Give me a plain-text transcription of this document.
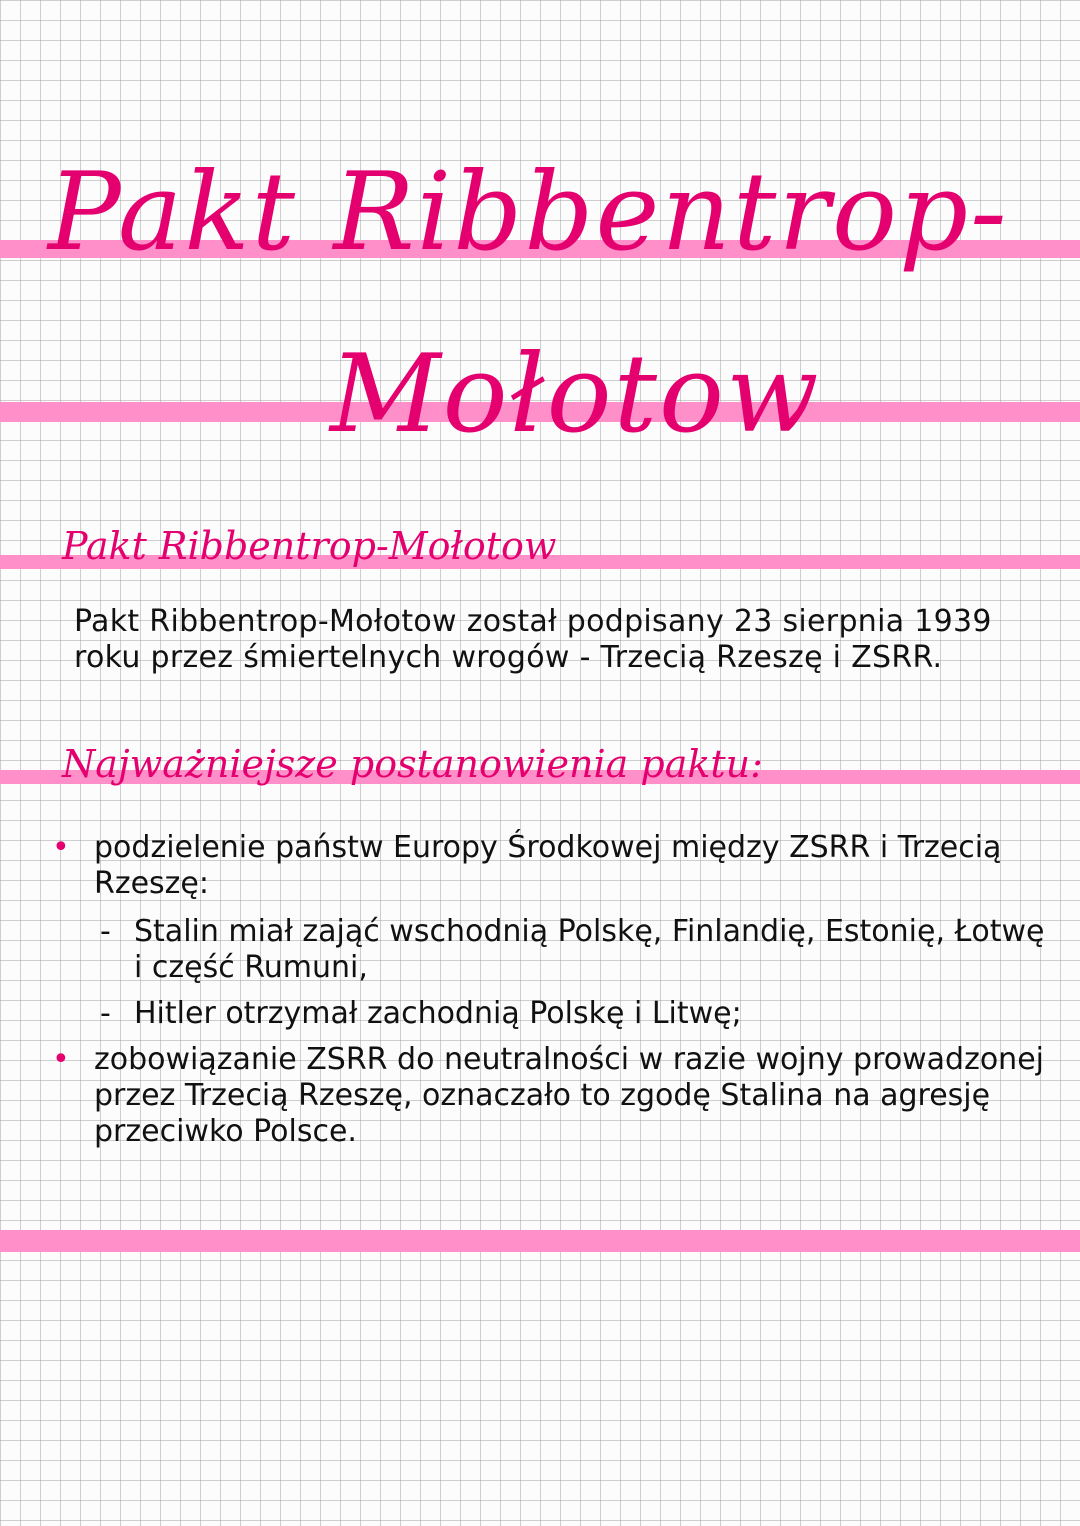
Pakt Ribbentrop-
Mołotow
Pakt Ribbentrop-Mołotow

Pakt Ribbentrop-Mołotow został podpisany 23 sierpnia 1939 roku przez śmiertelnych wrogów - Trzecią Rzeszę i ZSRR.

Najważniejsze postanowienia paktu:
• podzielenie państw Europy Środkowej między ZSRR i Trzecią Rzeszę:
- Stalin miał zająć wschodnią Polskę, Finlandię, Estonię, Łotwę i część Rumuni,
- Hitler otrzymał zachodnią Polskę i Litwę;
• zobowiązanie ZSRR do neutralności w razie wojny prowadzonej przez Trzecią Rzeszę, oznaczało to zgodę Stalina na agresję przeciwko Polsce.
